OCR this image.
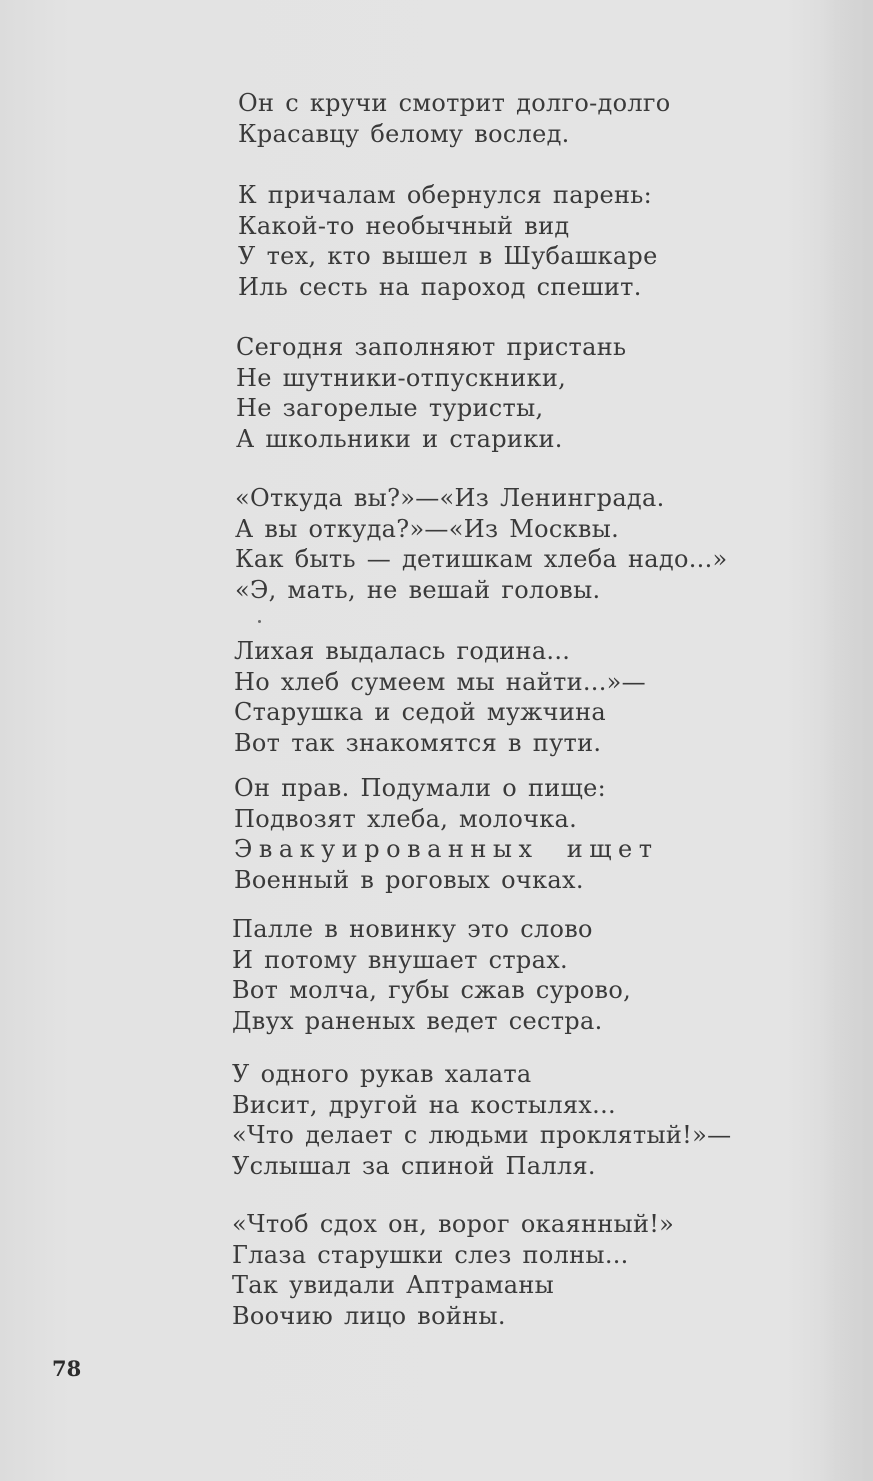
Он с кручи смотрит долго-долго
Красавцу белому вослед.
К причалам обернулся парень:
Какой-то необычный вид
У тех, кто вышел в Шубашкаре
Иль сесть на пароход спешит.
Сегодня заполняют пристань
Не шутники-отпускники,
Не загорелые туристы,
А школьники и старики.
«Откуда вы?»—«Из Ленинграда.
А вы откуда?»—«Из Москвы.
Как быть — детишкам хлеба надо...»
«Э, мать, не вешай головы.
Лихая выдалась година...
Но хлеб сумеем мы найти...»—
Старушка и седой мужчина
Вот так знакомятся в пути.
Он прав. Подумали о пище:
Подвозят хлеба, молочка.
Эвакуированных ищет
Военный в роговых очках.
Палле в новинку это слово
И потому внушает страх.
Вот молча, губы сжав сурово,
Двух раненых ведет сестра.
У одного рукав халата
Висит, другой на костылях...
«Что делает с людьми проклятый!»—
Услышал за спиной Палля.
«Чтоб сдох он, ворог окаянный!»
Глаза старушки слез полны...
Так увидали Аптраманы
Воочию лицо войны.
78
